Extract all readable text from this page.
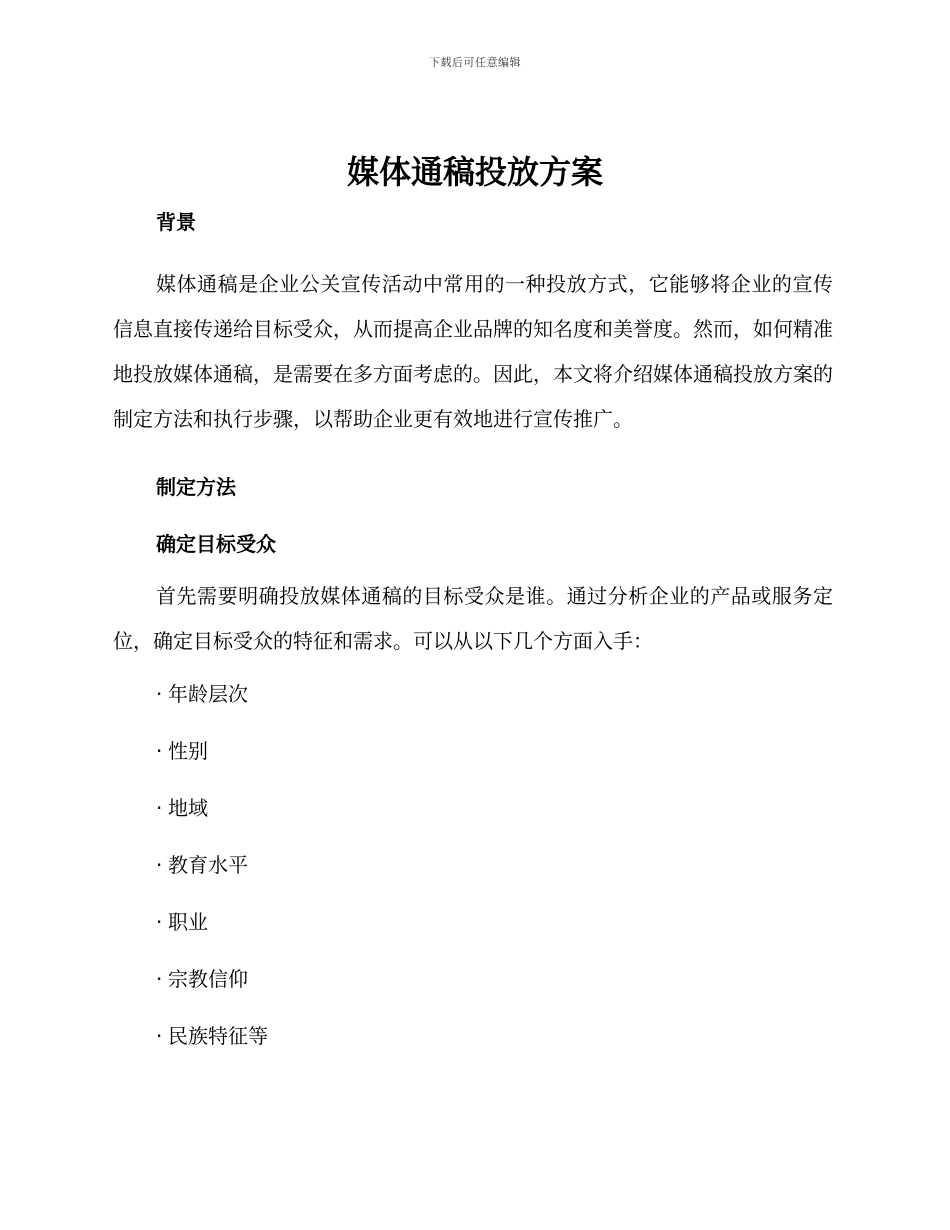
下载后可任意编辑
媒体通稿投放方案

背景

媒体通稿是企业公关宣传活动中常用的一种投放方式，它能够将企业的宣传信息直接传递给目标受众，从而提高企业品牌的知名度和美誉度。然而，如何精准地投放媒体通稿，是需要在多方面考虑的。因此，本文将介绍媒体通稿投放方案的制定方法和执行步骤，以帮助企业更有效地进行宣传推广。

制定方法

确定目标受众

首先需要明确投放媒体通稿的目标受众是谁。通过分析企业的产品或服务定位，确定目标受众的特征和需求。可以从以下几个方面入手：

· 年龄层次
· 性别
· 地域
· 教育水平
· 职业
· 宗教信仰
· 民族特征等
